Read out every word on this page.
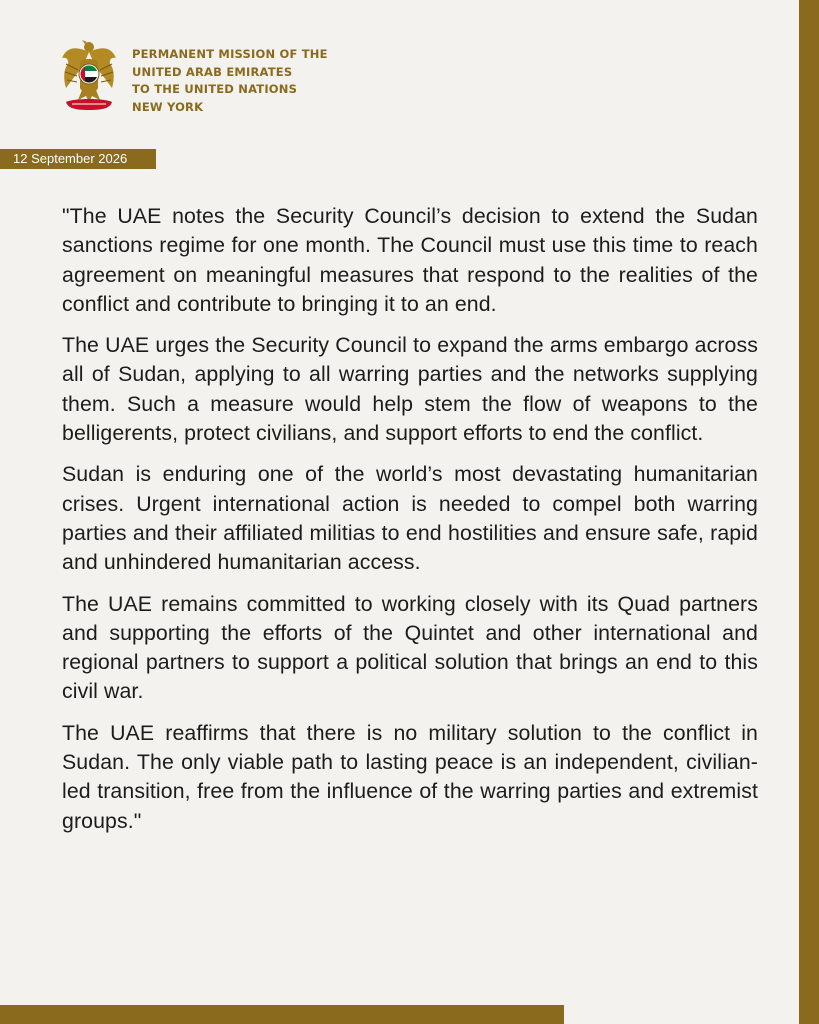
PERMANENT MISSION OF THE
UNITED ARAB EMIRATES
TO THE UNITED NATIONS
NEW YORK
12 September 2026

"The UAE notes the Security Council’s decision to extend the Sudan sanctions regime for one month. The Council must use this time to reach agreement on meaningful measures that respond to the realities of the conflict and contribute to bringing it to an end.

The UAE urges the Security Council to expand the arms embargo across all of Sudan, applying to all warring parties and the networks supplying them. Such a measure would help stem the flow of weapons to the belligerents, protect civilians, and support efforts to end the conflict.

Sudan is enduring one of the world’s most devastating humanitarian crises. Urgent international action is needed to compel both warring parties and their affiliated militias to end hostilities and ensure safe, rapid and unhindered humanitarian access.

The UAE remains committed to working closely with its Quad partners and supporting the efforts of the Quintet and other international and regional partners to support a political solution that brings an end to this civil war.

The UAE reaffirms that there is no military solution to the conflict in Sudan. The only viable path to lasting peace is an independent, civilian-led transition, free from the influence of the warring parties and extremist groups."
